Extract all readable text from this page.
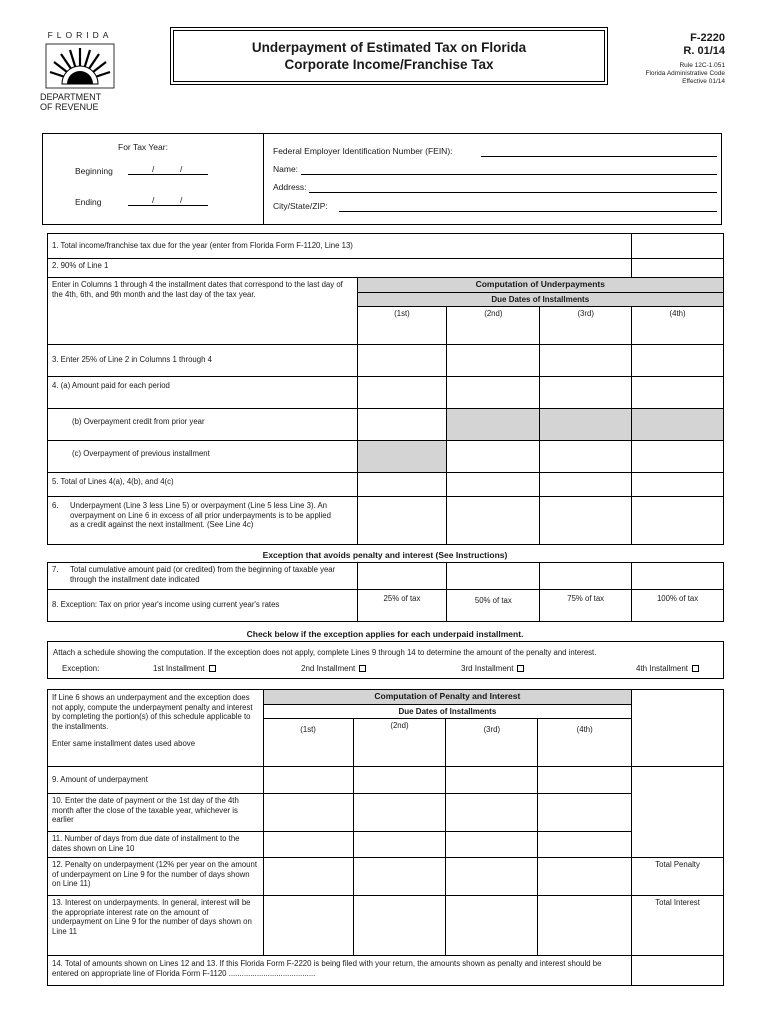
FLORIDA
DEPARTMENT
OF REVENUE
Underpayment of Estimated Tax on Florida
Corporate Income/Franchise Tax
F-2220
R. 01/14
Rule 12C-1.051
Florida Administrative Code
Effective 01/14
For Tax Year:
Beginning	/	/
Ending	/	/
Federal Employer Identification Number (FEIN):
Name:
Address:
City/State/ZIP:
1. Total income/franchise tax due for the year (enter from Florida Form F-1120, Line 13)				
2. 90% of Line 1				
Enter in Columns 1 through 4 the installment dates that correspond to the last day of the 4th, 6th, and 9th month and the last day of the tax year.	Computation of Underpayments			
	Due Dates of Installments			
	(1st)	(2nd)	(3rd)	(4th)
3. Enter 25% of Line 2 in Columns 1 through 4				
4. (a) Amount paid for each period				
(b) Overpayment credit from prior year				
(c) Overpayment of previous installment				
5. Total of Lines 4(a), 4(b), and 4(c)				

6. Underpayment (Line 3 less Line 5) or overpayment (Line 5 less Line 3). An overpayment on Line 6 in excess of all prior underpayments is to be applied as a credit against the next installment. (See Line 4c)				

Exception that avoids penalty and interest (See Instructions)
7. Total cumulative amount paid (or credited) from the beginning of taxable year through the installment date indicated				

8. Exception: Tax on prior year's income using current year's rates	25% of tax	50% of tax	75% of tax	100% of tax
Check below if the exception applies for each underpaid installment.
Attach a schedule showing the computation. If the exception does not apply, complete Lines 9 through 14 to determine the amount of the penalty and interest.
Exception:	1st Installment	2nd Installment	3rd Installment	4th Installment
If Line 6 shows an underpayment and the exception does not apply, compute the underpayment penalty and interest by completing the portion(s) of this schedule applicable to the installments.
Enter same installment dates used above	Computation of Penalty and Interest				
	Due Dates of Installments				
	(1st)	(2nd)	(3rd)	(4th)	
9. Amount of underpayment					
10. Enter the date of payment or the 1st day of the 4th month after the close of the taxable year, whichever is earlier					
11. Number of days from due date of installment to the dates shown on Line 10					
12. Penalty on underpayment (12% per year on the amount of underpayment on Line 9 for the number of days shown on Line 11)					Total Penalty
13. Interest on underpayments. In general, interest will be the appropriate interest rate on the amount of underpayment on Line 9 for the number of days shown on Line 11					Total Interest
14. Total of amounts shown on Lines 12 and 13. If this Florida Form F-2220 is being filed with your return, the amounts shown as penalty and interest should be entered on appropriate line of Florida Form F-1120 ........................................					
